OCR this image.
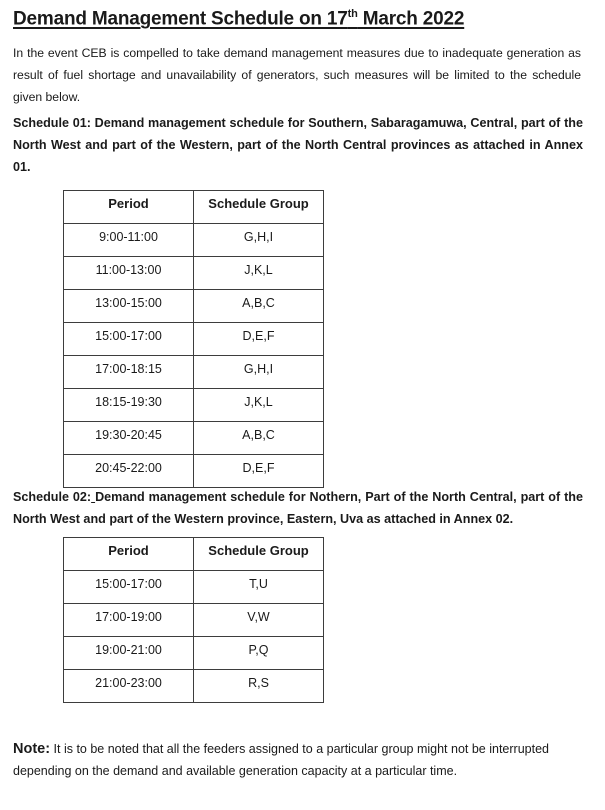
Demand Management Schedule on 17th March 2022

In the event CEB is compelled to take demand management measures due to inadequate generation as result of fuel shortage and unavailability of generators, such measures will be limited to the schedule given below.

Schedule 01: Demand management schedule for Southern, Sabaragamuwa, Central, part of the North West and part of the Western, part of the North Central provinces as attached in Annex 01.

Period	Schedule Group
9:00-11:00	G,H,I
11:00-13:00	J,K,L
13:00-15:00	A,B,C
15:00-17:00	D,E,F
17:00-18:15	G,H,I
18:15-19:30	J,K,L
19:30-20:45	A,B,C
20:45-22:00	D,E,F

Schedule 02: Demand management schedule for Nothern, Part of the North Central, part of the North West and part of the Western province, Eastern, Uva as attached in Annex 02.

Period	Schedule Group
15:00-17:00	T,U
17:00-19:00	V,W
19:00-21:00	P,Q
21:00-23:00	R,S

Note: It is to be noted that all the feeders assigned to a particular group might not be interrupted depending on the demand and available generation capacity at a particular time.
